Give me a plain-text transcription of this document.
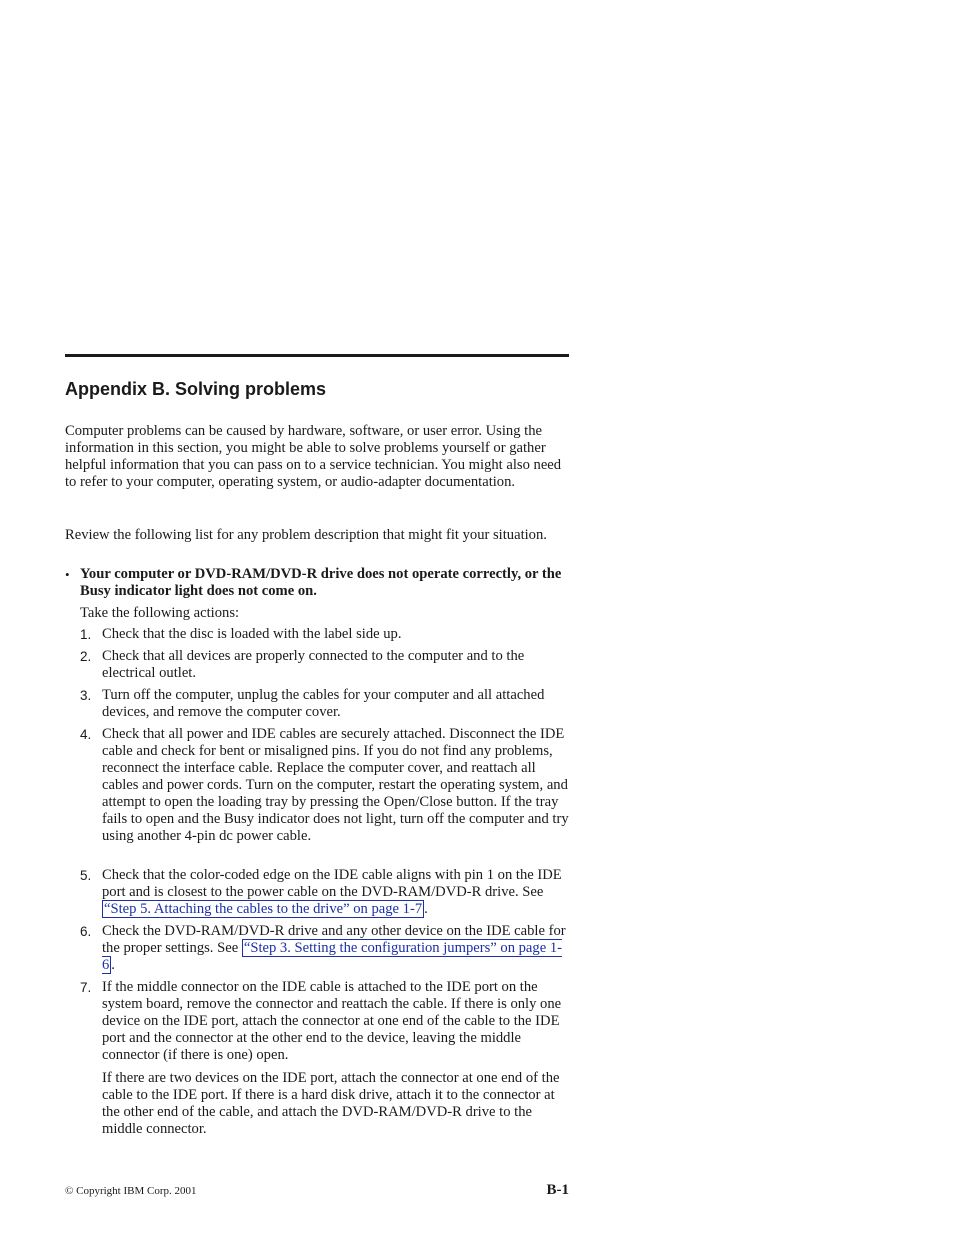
Appendix B. Solving problems

Computer problems can be caused by hardware, software, or user error. Using the information in this section, you might be able to solve problems yourself or gather helpful information that you can pass on to a service technician. You might also need to refer to your computer, operating system, or audio-adapter documentation.

Review the following list for any problem description that might fit your situation.

• Your computer or DVD-RAM/DVD-R drive does not operate correctly, or the Busy indicator light does not come on.

Take the following actions:

1. Check that the disc is loaded with the label side up.

2. Check that all devices are properly connected to the computer and to the electrical outlet.

3. Turn off the computer, unplug the cables for your computer and all attached devices, and remove the computer cover.

4. Check that all power and IDE cables are securely attached. Disconnect the IDE cable and check for bent or misaligned pins. If you do not find any problems, reconnect the interface cable. Replace the computer cover, and reattach all cables and power cords. Turn on the computer, restart the operating system, and attempt to open the loading tray by pressing the Open/Close button. If the tray fails to open and the Busy indicator does not light, turn off the computer and try using another 4-pin dc power cable.

5. Check that the color-coded edge on the IDE cable aligns with pin 1 on the IDE port and is closest to the power cable on the DVD-RAM/DVD-R drive. See “Step 5. Attaching the cables to the drive” on page 1-7 .

6. Check the DVD-RAM/DVD-R drive and any other device on the IDE cable for the proper settings. See “Step 3. Setting the configuration jumpers” on page 1-6 .

7. If the middle connector on the IDE cable is attached to the IDE port on the system board, remove the connector and reattach the cable. If there is only one device on the IDE port, attach the connector at one end of the cable to the IDE port and the connector at the other end to the device, leaving the middle connector (if there is one) open.

If there are two devices on the IDE port, attach the connector at one end of the cable to the IDE port. If there is a hard disk drive, attach it to the connector at the other end of the cable, and attach the DVD-RAM/DVD-R drive to the middle connector.

© Copyright IBM Corp. 2001	B-1
